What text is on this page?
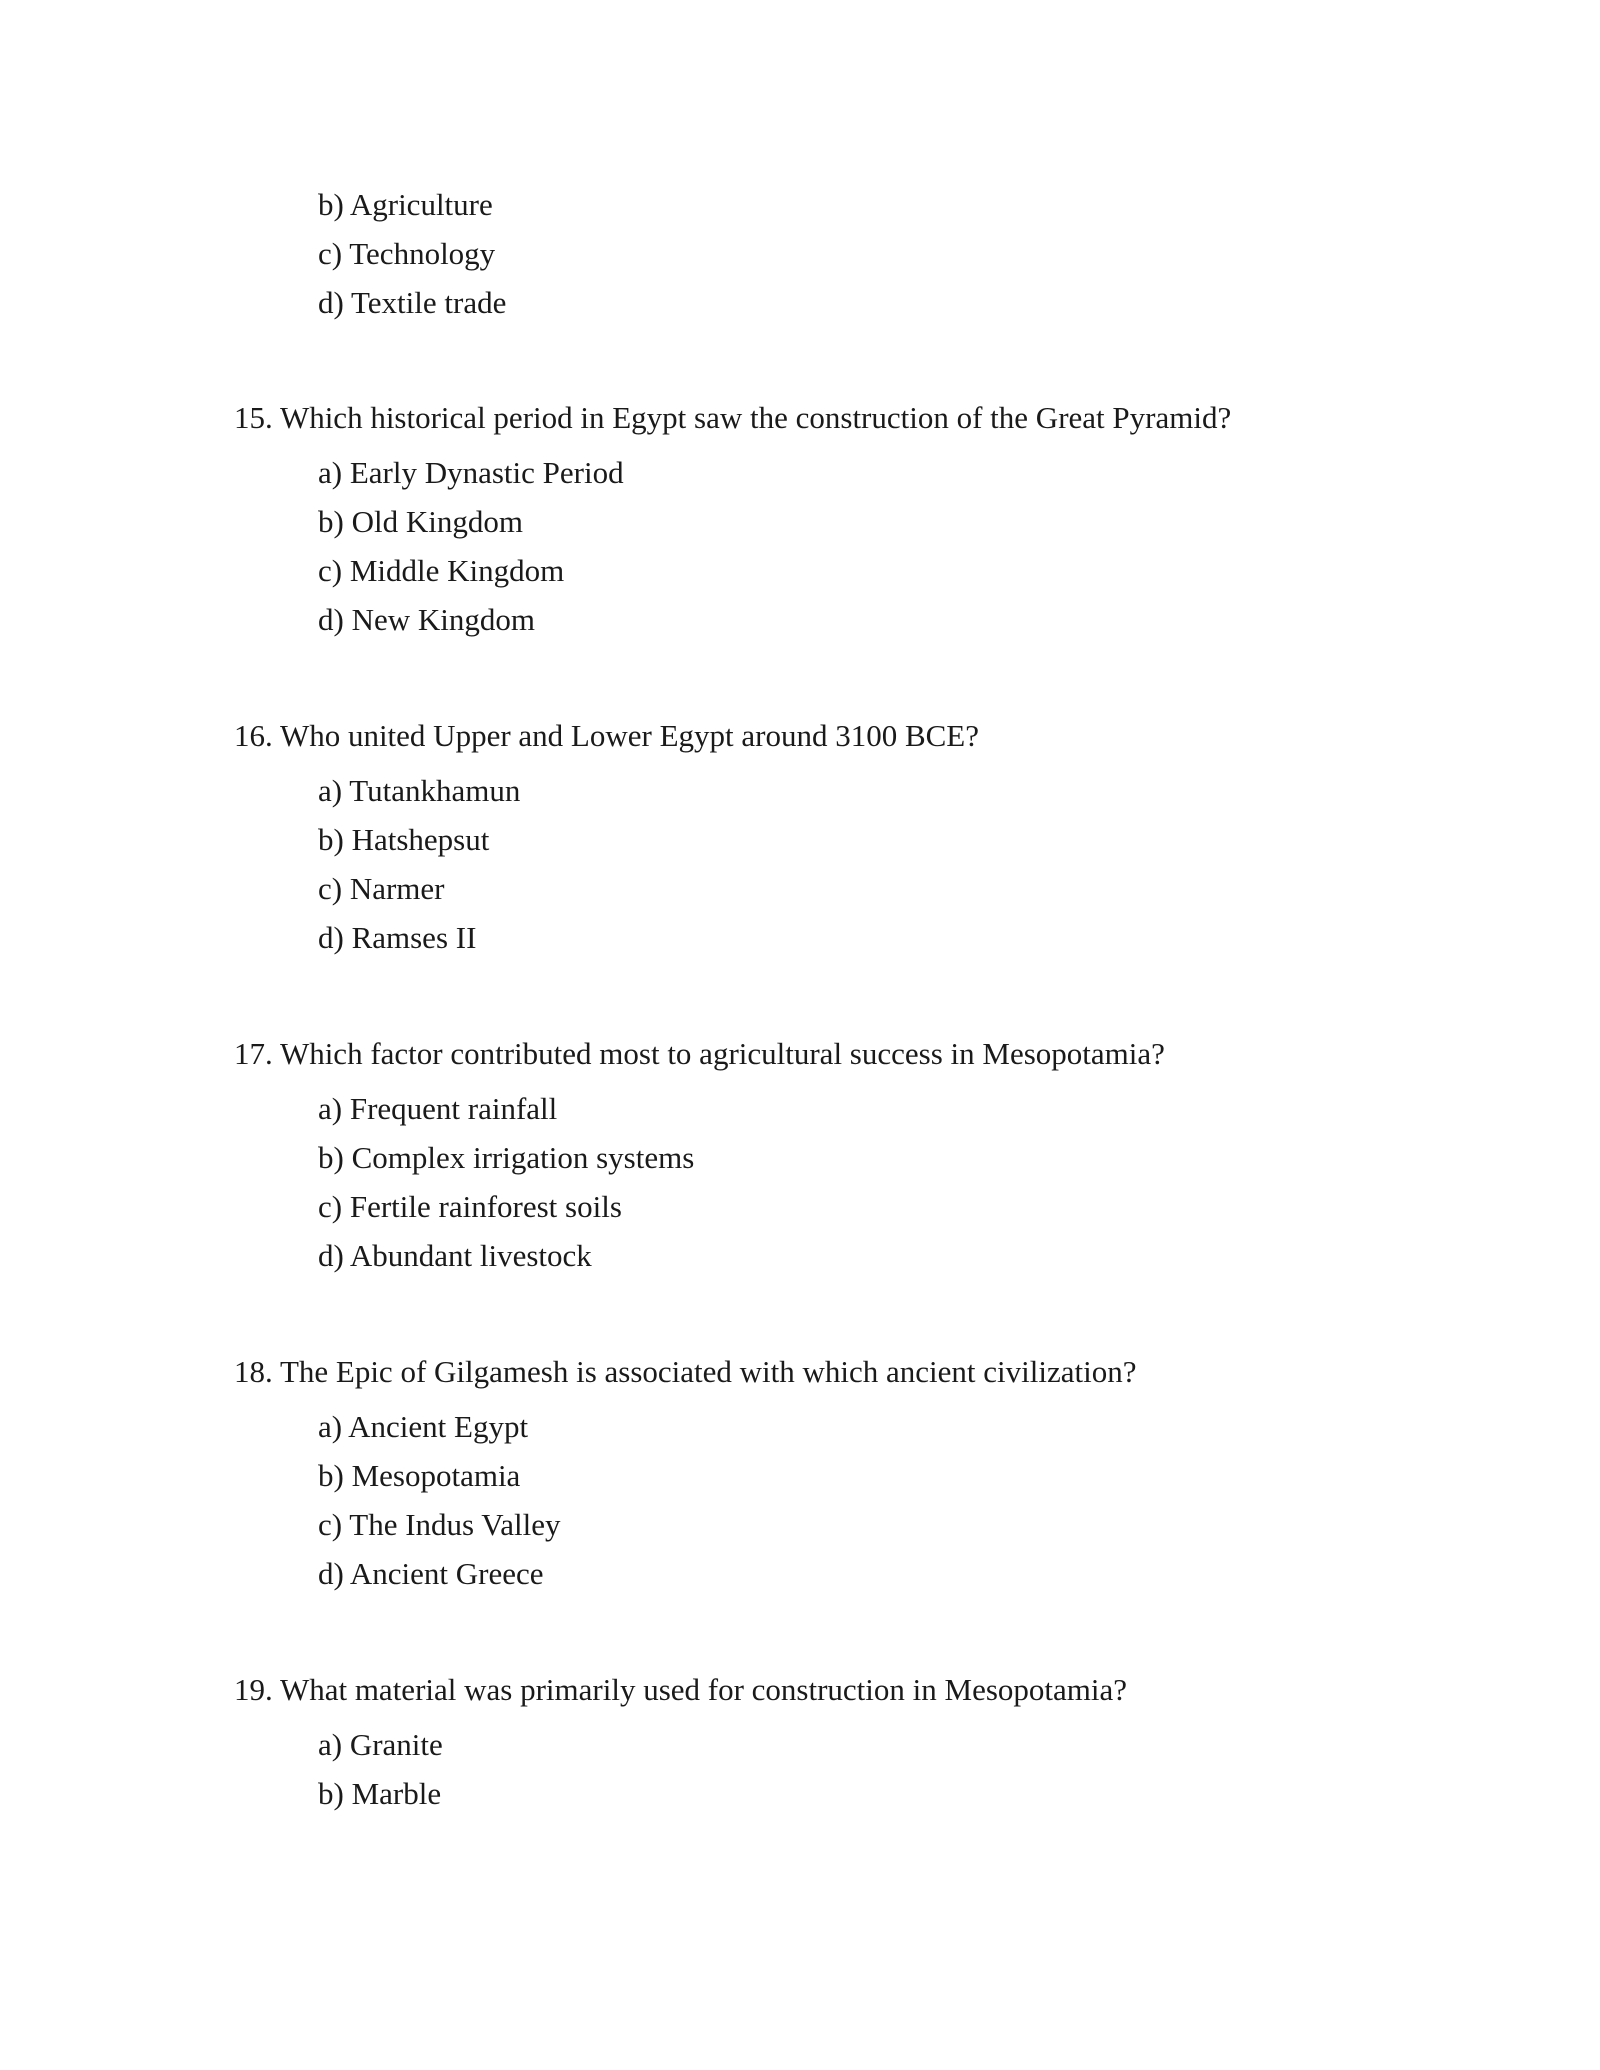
b) Agriculture
c) Technology
d) Textile trade
15. Which historical period in Egypt saw the construction of the Great Pyramid?
a) Early Dynastic Period
b) Old Kingdom
c) Middle Kingdom
d) New Kingdom
16. Who united Upper and Lower Egypt around 3100 BCE?
a) Tutankhamun
b) Hatshepsut
c) Narmer
d) Ramses II
17. Which factor contributed most to agricultural success in Mesopotamia?
a) Frequent rainfall
b) Complex irrigation systems
c) Fertile rainforest soils
d) Abundant livestock
18. The Epic of Gilgamesh is associated with which ancient civilization?
a) Ancient Egypt
b) Mesopotamia
c) The Indus Valley
d) Ancient Greece
19. What material was primarily used for construction in Mesopotamia?
a) Granite
b) Marble
